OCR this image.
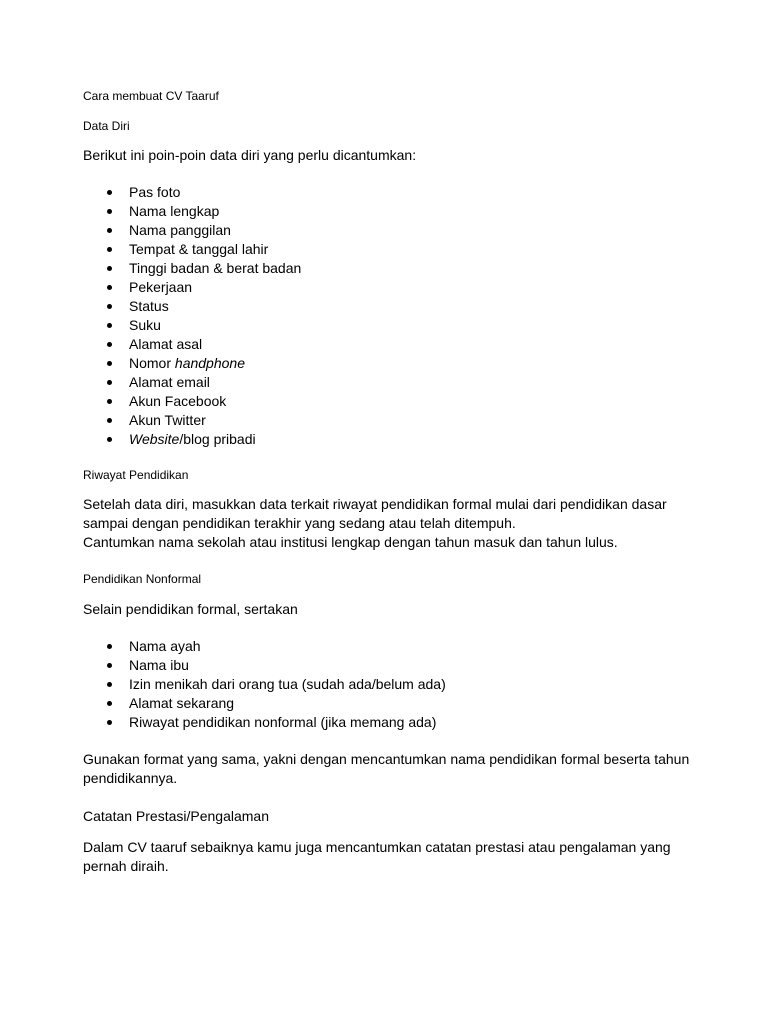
Cara membuat CV Taaruf
Data Diri
Berikut ini poin-poin data diri yang perlu dicantumkan:
Pas foto
Nama lengkap
Nama panggilan
Tempat & tanggal lahir
Tinggi badan & berat badan
Pekerjaan
Status
Suku
Alamat asal
Nomor handphone
Alamat email
Akun Facebook
Akun Twitter
Website/blog pribadi
Riwayat Pendidikan
Setelah data diri, masukkan data terkait riwayat pendidikan formal mulai dari pendidikan dasar
sampai dengan pendidikan terakhir yang sedang atau telah ditempuh.
Cantumkan nama sekolah atau institusi lengkap dengan tahun masuk dan tahun lulus.
Pendidikan Nonformal
Selain pendidikan formal, sertakan
Nama ayah
Nama ibu
Izin menikah dari orang tua (sudah ada/belum ada)
Alamat sekarang
Riwayat pendidikan nonformal (jika memang ada)
Gunakan format yang sama, yakni dengan mencantumkan nama pendidikan formal beserta tahun
pendidikannya.
Catatan Prestasi/Pengalaman
Dalam CV taaruf sebaiknya kamu juga mencantumkan catatan prestasi atau pengalaman yang
pernah diraih.
